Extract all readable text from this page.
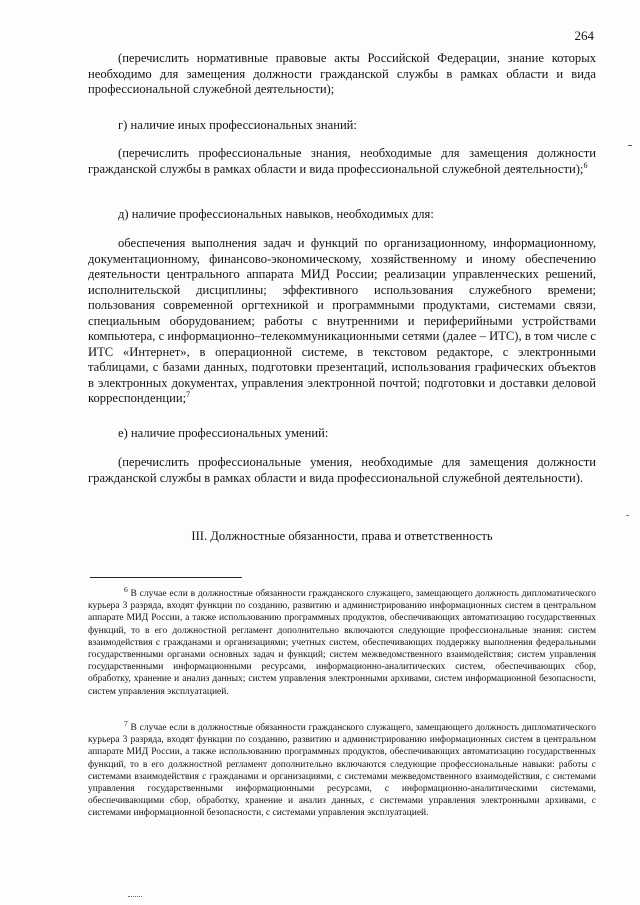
264
(перечислить нормативные правовые акты Российской Федерации, знание которых необходимо для замещения должности гражданской службы в рамках области и вида профессиональной служебной деятельности);
г) наличие иных профессиональных знаний:
(перечислить профессиональные знания, необходимые для замещения должности гражданской службы в рамках области и вида профессиональной служебной деятельности);$^6$
д) наличие профессиональных навыков, необходимых для:
обеспечения выполнения задач и функций по организационному, информационному, документационному, финансово-экономическому, хозяйственному и иному обеспечению деятельности центрального аппарата МИД России; реализации управленческих решений, исполнительской дисциплины; эффективного использования служебного времени; пользования современной оргтехникой и программными продуктами, системами связи, специальным оборудованием; работы с внутренними и периферийными устройствами компьютера, с информационно–телекоммуникационными сетями (далее – ИТС), в том числе с ИТС «Интернет», в операционной системе, в текстовом редакторе, с электронными таблицами, с базами данных, подготовки презентаций, использования графических объектов в электронных документах, управления электронной почтой; подготовки и доставки деловой корреспонденции;$^7$
е) наличие профессиональных умений:
(перечислить профессиональные умения, необходимые для замещения должности гражданской службы в рамках области и вида профессиональной служебной деятельности).
III. Должностные обязанности, права и ответственность
$^6$ В случае если в должностные обязанности гражданского служащего, замещающего должность дипломатического курьера 3 разряда, входят функции по созданию, развитию и администрированию информационных систем в центральном аппарате МИД России, а также использованию программных продуктов, обеспечивающих автоматизацию государственных функций, то в его должностной регламент дополнительно включаются следующие профессиональные знания: систем взаимодействия с гражданами и организациями; учетных систем, обеспечивающих поддержку выполнения федеральными государственными органами основных задач и функций; систем межведомственного взаимодействия; систем управления государственными информационными ресурсами, информационно-аналитических систем, обеспечивающих сбор, обработку, хранение и анализ данных; систем управления электронными архивами, систем информационной безопасности, систем управления эксплуатацией.
$^7$ В случае если в должностные обязанности гражданского служащего, замещающего должность дипломатического курьера 3 разряда, входят функции по созданию, развитию и администрированию информационных систем в центральном аппарате МИД России, а также использованию программных продуктов, обеспечивающих автоматизацию государственных функций, то в его должностной регламент дополнительно включаются следующие профессиональные навыки: работы с системами взаимодействия с гражданами и организациями, с системами межведомственного взаимодействия, с системами управления государственными информационными ресурсами, с информационно-аналитическими системами, обеспечивающими сбор, обработку, хранение и анализ данных, с системами управления электронными архивами, с системами информационной безопасности, с системами управления эксплуатацией.
